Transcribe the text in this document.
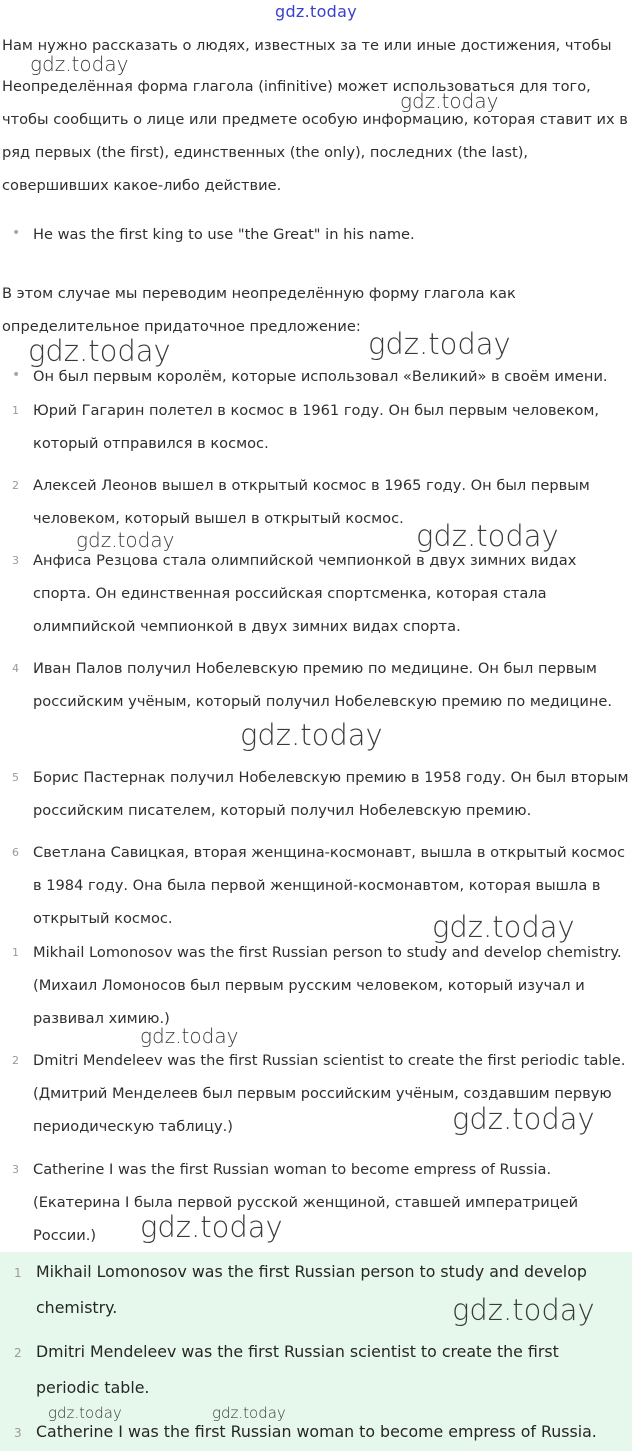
gdz.today

Нам нужно рассказать о людях, известных за те или иные достижения, чтобы

Неопределённая форма глагола (infinitive) может использоваться для того, чтобы сообщить о лице или предмете особую информацию, которая ставит их в ряд первых (the first), единственных (the only), последних (the last), совершивших какое-либо действие.

• He was the first king to use "the Great" in his name.

В этом случае мы переводим неопределённую форму глагола как определительное придаточное предложение:

• Он был первым королём, которые использовал «Великий» в своём имени.
1 Юрий Гагарин полетел в космос в 1961 году. Он был первым человеком, который отправился в космос.
2 Алексей Леонов вышел в открытый космос в 1965 году. Он был первым человеком, который вышел в открытый космос.
3 Анфиса Резцова стала олимпийской чемпионкой в двух зимних видах спорта. Он единственная российская спортсменка, которая стала олимпийской чемпионкой в двух зимних видах спорта.
4 Иван Палов получил Нобелевскую премию по медицине. Он был первым российским учёным, который получил Нобелевскую премию по медицине.
5 Борис Пастернак получил Нобелевскую премию в 1958 году. Он был вторым российским писателем, который получил Нобелевскую премию.
6 Светлана Савицкая, вторая женщина-космонавт, вышла в открытый космос в 1984 году. Она была первой женщиной-космонавтом, которая вышла в открытый космос.
1 Mikhail Lomonosov was the first Russian person to study and develop chemistry. (Михаил Ломоносов был первым русским человеком, который изучал и развивал химию.)
2 Dmitri Mendeleev was the first Russian scientist to create the first periodic table. (Дмитрий Менделеев был первым российским учёным, создавшим первую периодическую таблицу.)
3 Catherine I was the first Russian woman to become empress of Russia. (Екатерина I была первой русской женщиной, ставшей императрицей России.)
1 Mikhail Lomonosov was the first Russian person to study and develop chemistry.
2 Dmitri Mendeleev was the first Russian scientist to create the first periodic table.
3 Catherine I was the first Russian woman to become empress of Russia.
gdz.today
gdz.today
gdz.today	gdz.today
gdz.today	gdz.today
gdz.today
gdz.today
gdz.today
gdz.today
gdz.today
gdz.today
gdz.today	gdz.today
